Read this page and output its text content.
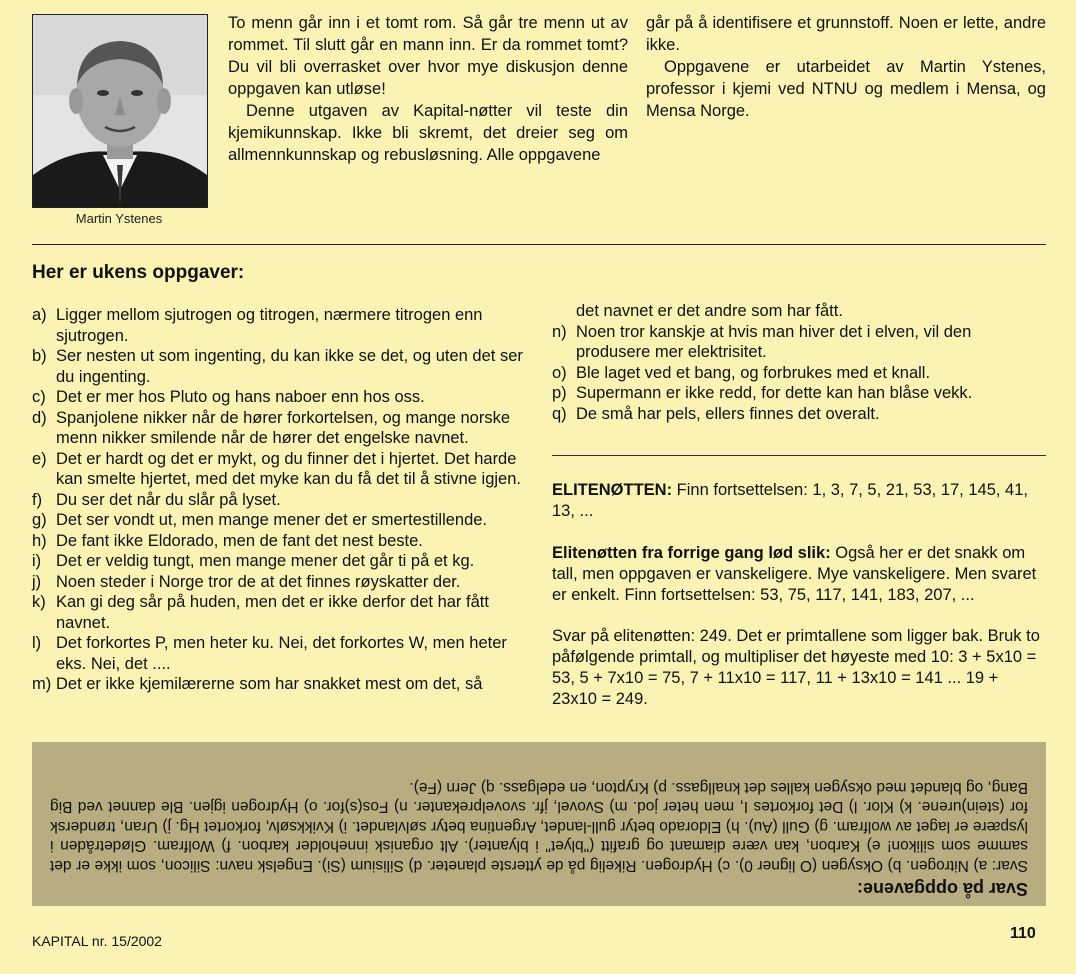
Martin Ystenes

To menn går inn i et tomt rom. Så går tre menn ut av rommet. Til slutt går en mann inn. Er da rommet tomt? Du vil bli overrasket over hvor mye diskusjon denne oppgaven kan utløse!

Denne utgaven av Kapital-nøtter vil teste din kjemikunnskap. Ikke bli skremt, det dreier seg om allmennkunnskap og rebusløsning. Alle oppgavene

går på å identifisere et grunnstoff. Noen er lette, andre ikke.

Oppgavene er utarbeidet av Martin Ystenes, professor i kjemi ved NTNU og medlem i Mensa, og Mensa Norge.

Her er ukens oppgaver:
a) Ligger mellom sjutrogen og titrogen, nærmere titrogen enn sjutrogen.
b) Ser nesten ut som ingenting, du kan ikke se det, og uten det ser du ingenting.
c) Det er mer hos Pluto og hans naboer enn hos oss.
d) Spanjolene nikker når de hører forkortelsen, og mange norske menn nikker smilende når de hører det engelske navnet.
e) Det er hardt og det er mykt, og du finner det i hjertet. Det harde kan smelte hjertet, med det myke kan du få det til å stivne igjen.
f) Du ser det når du slår på lyset.
g) Det ser vondt ut, men mange mener det er smertestillende.
h) De fant ikke Eldorado, men de fant det nest beste.
i) Det er veldig tungt, men mange mener det går ti på et kg.
j) Noen steder i Norge tror de at det finnes røyskatter der.
k) Kan gi deg sår på huden, men det er ikke derfor det har fått navnet.
l) Det forkortes P, men heter ku. Nei, det forkortes W, men heter eks. Nei, det ....
m) Det er ikke kjemilærerne som har snakket mest om det, så
det navnet er det andre som har fått.
n) Noen tror kanskje at hvis man hiver det i elven, vil den produsere mer elektrisitet.
o) Ble laget ved et bang, og forbrukes med et knall.
p) Supermann er ikke redd, for dette kan han blåse vekk.
q) De små har pels, ellers finnes det overalt.
ELITENØTTEN: Finn fortsettelsen: 1, 3, 7, 5, 21, 53, 17, 145, 41, 13, ...
Elitenøtten fra forrige gang lød slik: Også her er det snakk om tall, men oppgaven er vanskeligere. Mye vanskeligere. Men svaret er enkelt. Finn fortsettelsen: 53, 75, 117, 141, 183, 207, ...
Svar på elitenøtten: 249. Det er primtallene som ligger bak. Bruk to påfølgende primtall, og multipliser det høyeste med 10: 3 + 5x10 = 53, 5 + 7x10 = 75, 7 + 11x10 = 117, 11 + 13x10 = 141 ... 19 + 23x10 = 249.
Svar på oppgavene:
Svar: a) Nitrogen. b) Oksygen (O ligner 0). c) Hydrogen. Rikelig på de ytterste planeter. d) Silisium (Si). Engelsk navn: Silicon, som ikke er det samme som silikon! e) Karbon, kan være diamant og grafitt ("blyet" i blyanter). Alt organisk inneholder karbon. f) Wolfram. Glødetråden i lyspære er laget av wolfram. g) Gull (Au). h) Eldorado betyr gull-landet, Argentina betyr sølvlandet. i) Kvikksølv, forkortet Hg. j) Uran, trøndersk for (stein)urene. k) Klor. l) Det forkortes I, men heter jod. m) Svovel, jfr. svovelprekanter. n) Fos(s)for. o) Hydrogen igjen. Ble dannet ved Big Bang, og blandet med oksygen kalles det knallgass. p) Krypton, en edelgass. q) Jern (Fe).
KAPITAL nr. 15/2002	110
